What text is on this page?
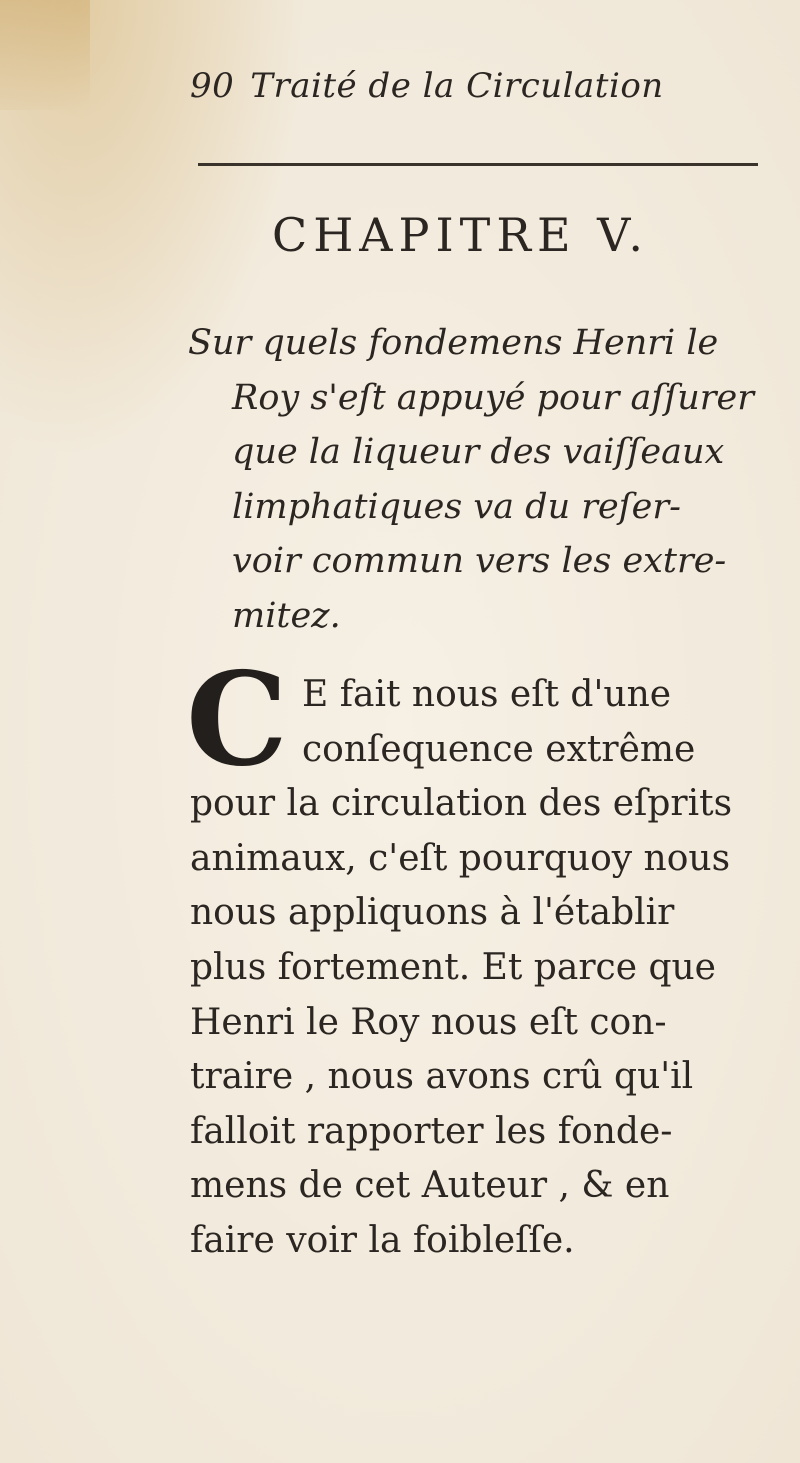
90 Traité de la Circulation
CHAPITRE V.
Sur quels fondemens Henri le
Roy s'eſt appuyé pour aſſurer
que la liqueur des vaiſſeaux
limphatiques va du reſer-
voir commun vers les extre-
mitez.
C E fait nous eſt d'une
conſequence extrême
pour la circulation des eſprits
animaux, c'eſt pourquoy nous
nous appliquons à l'établir
plus fortement. Et parce que
Henri le Roy nous eſt con-
traire , nous avons crû qu'il
falloit rapporter les fonde-
mens de cet Auteur , & en
faire voir la foibleſſe.
